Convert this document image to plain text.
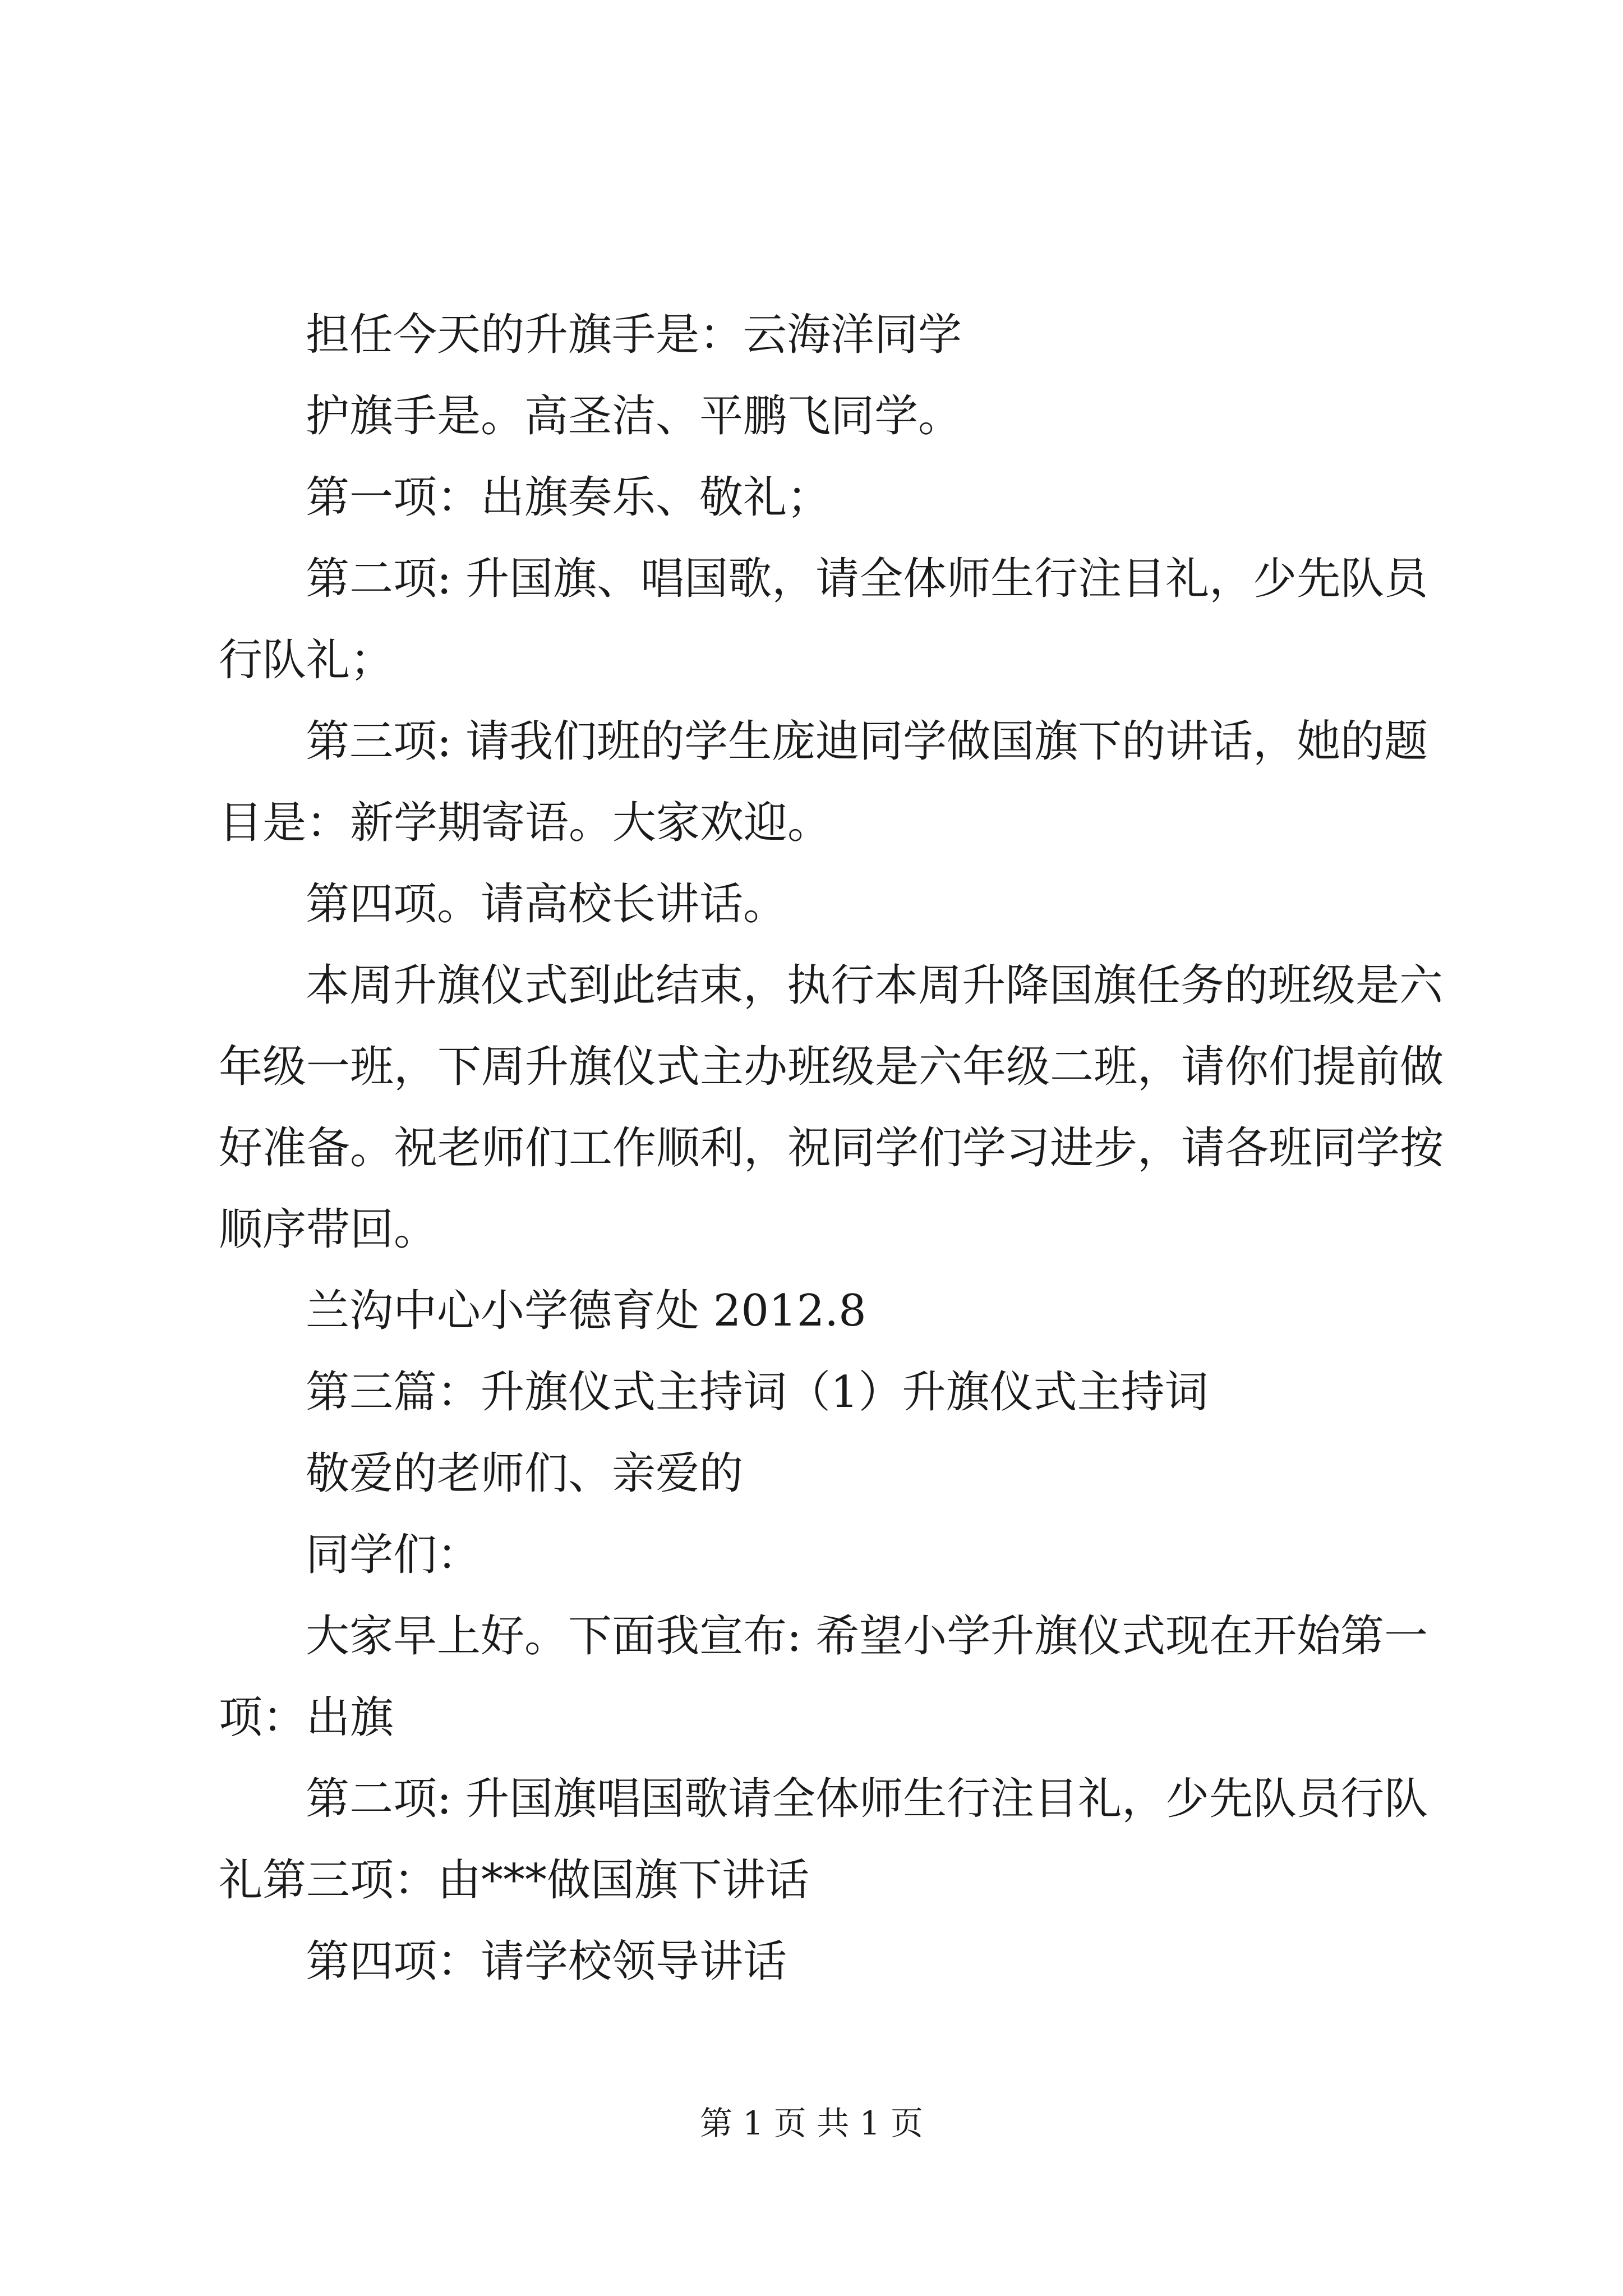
担任今天的升旗手是：云海洋同学

护旗手是。高圣洁、平鹏飞同学。

第一项：出旗奏乐、敬礼；

第二项: 升国旗、唱国歌，请全体师生行注目礼，少先队员

行队礼；

第三项: 请我们班的学生庞迪同学做国旗下的讲话，她的题

目是：新学期寄语。大家欢迎。

第四项。请高校长讲话。

本周升旗仪式到此结束，执行本周升降国旗任务的班级是六

年级一班，下周升旗仪式主办班级是六年级二班，请你们提前做

好准备。祝老师们工作顺利，祝同学们学习进步，请各班同学按

顺序带回。

兰沟中心小学德育处 2012.8

第三篇：升旗仪式主持词（1）升旗仪式主持词

敬爱的老师们、亲爱的

同学们：

大家早上好。下面我宣布: 希望小学升旗仪式现在开始第一

项：出旗

第二项: 升国旗唱国歌请全体师生行注目礼，少先队员行队

礼第三项：由***做国旗下讲话

第四项：请学校领导讲话

第 1 页 共 1 页
